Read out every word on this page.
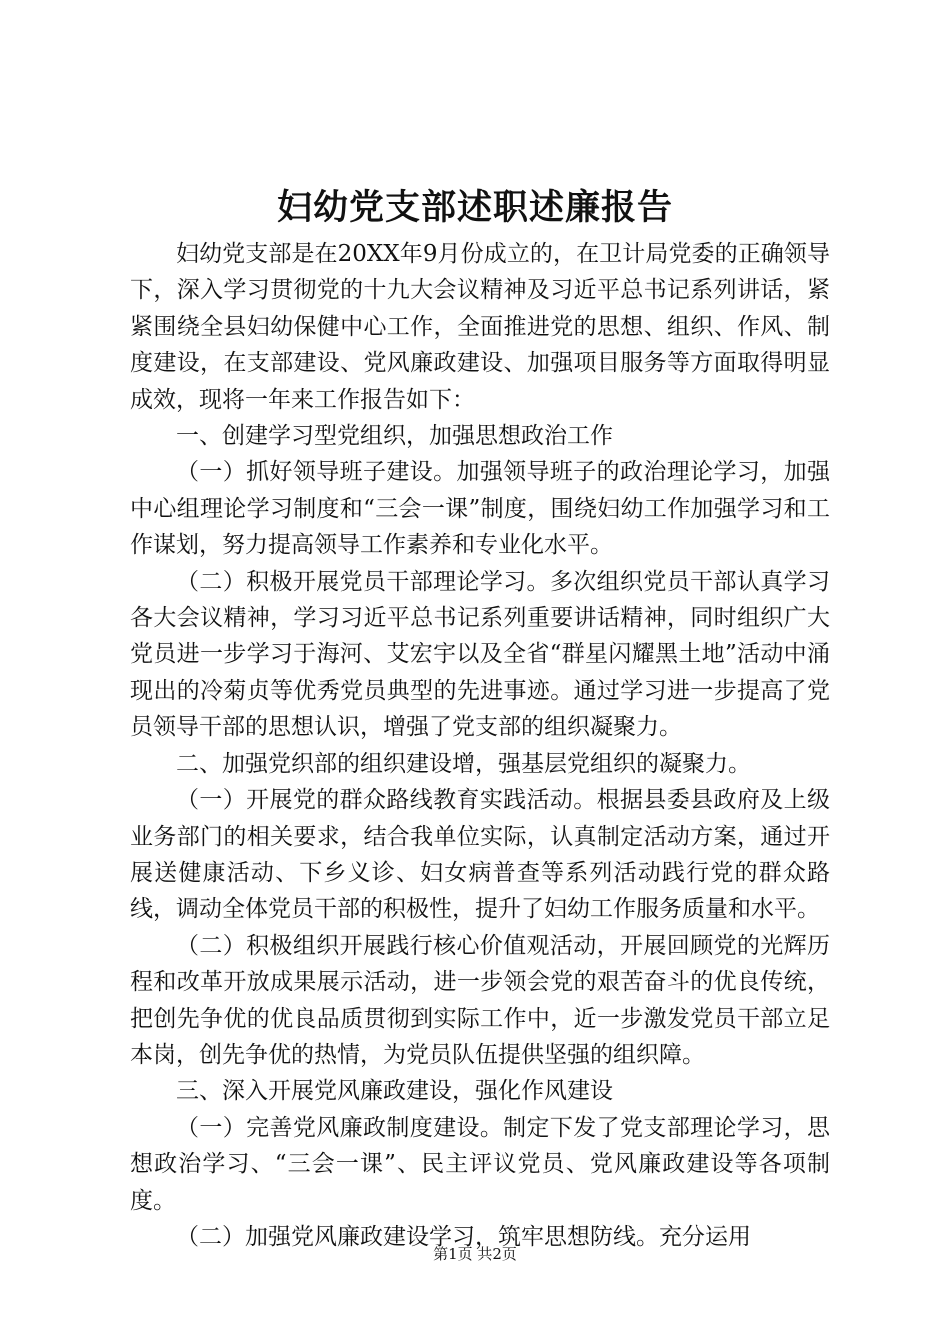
妇幼党支部述职述廉报告

妇幼党支部是在20XX年9月份成立的，在卫计局党委的正确领导下，深入学习贯彻党的十九大会议精神及习近平总书记系列讲话，紧紧围绕全县妇幼保健中心工作，全面推进党的思想、组织、作风、制度建设，在支部建设、党风廉政建设、加强项目服务等方面取得明显成效，现将一年来工作报告如下：

一、创建学习型党组织，加强思想政治工作

（一）抓好领导班子建设。加强领导班子的政治理论学习，加强中心组理论学习制度和“三会一课”制度，围绕妇幼工作加强学习和工作谋划，努力提高领导工作素养和专业化水平。

（二）积极开展党员干部理论学习。多次组织党员干部认真学习各大会议精神，学习习近平总书记系列重要讲话精神，同时组织广大党员进一步学习于海河、艾宏宇以及全省“群星闪耀黑土地”活动中涌现出的冷菊贞等优秀党员典型的先进事迹。通过学习进一步提高了党员领导干部的思想认识，增强了党支部的组织凝聚力。

二、加强党织部的组织建设增，强基层党组织的凝聚力。

（一）开展党的群众路线教育实践活动。根据县委县政府及上级业务部门的相关要求，结合我单位实际，认真制定活动方案，通过开展送健康活动、下乡义诊、妇女病普查等系列活动践行党的群众路线，调动全体党员干部的积极性，提升了妇幼工作服务质量和水平。

（二）积极组织开展践行核心价值观活动，开展回顾党的光辉历程和改革开放成果展示活动，进一步领会党的艰苦奋斗的优良传统，把创先争优的优良品质贯彻到实际工作中，近一步激发党员干部立足本岗，创先争优的热情，为党员队伍提供坚强的组织障。

三、深入开展党风廉政建设，强化作风建设

（一）完善党风廉政制度建设。制定下发了党支部理论学习，思想政治学习、“三会一课”、民主评议党员、党风廉政建设等各项制度。

（二）加强党风廉政建设学习，筑牢思想防线。充分运用

第1页 共2页
